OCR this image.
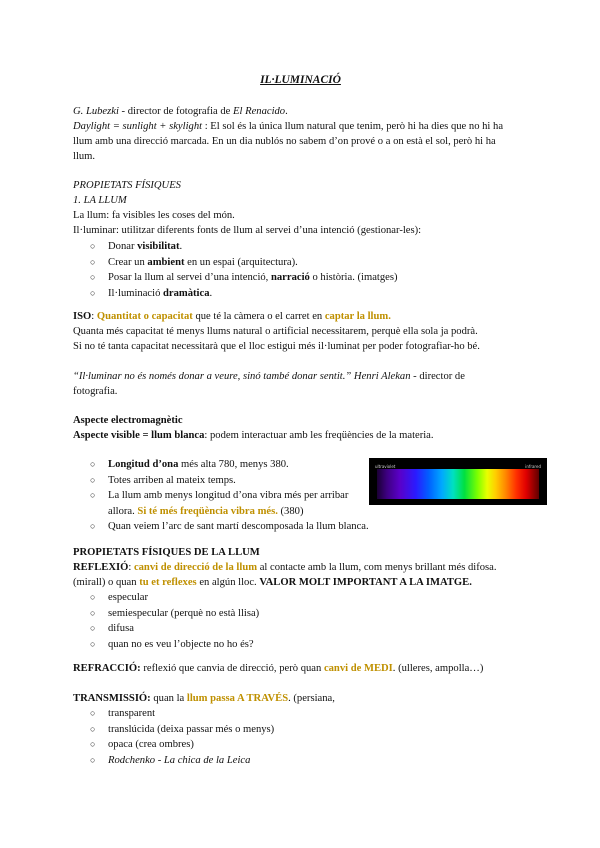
IL·LUMINACIÓ
G. Lubezki - director de fotografia de El Renacido.
Daylight = sunlight + skylight : El sol és la única llum natural que tenim, però hi ha dies que no hi ha
llum amb una direcció marcada. En un dia nublós no sabem d’on prové o a on està el sol, però hi ha
llum.
PROPIETATS FÍSIQUES
1. LA LLUM
La llum: fa visibles les coses del món.
Il·luminar: utilitzar diferents fonts de llum al servei d’una intenció (gestionar-les):
○ Donar visibilitat.
○ Crear un ambient en un espai (arquitectura).
○ Posar la llum al servei d’una intenció, narració o història. (imatges)
○ Il·luminació dramàtica.
ISO: Quantitat o capacitat que té la càmera o el carret en captar la llum.
Quanta més capacitat té menys llums natural o artificial necessitarem, perquè ella sola ja podrà.
Si no té tanta capacitat necessitarà que el lloc estigui més il·luminat per poder fotografiar-ho bé.
“Il·luminar no és només donar a veure, sinó també donar sentit.” Henri Alekan - director de
fotografia.
Aspecte electromagnètic
Aspecte visible = llum blanca: podem interactuar amb les freqüències de la materia.
○ Longitud d’ona més alta 780, menys 380.
○ Totes arriben al mateix temps.
○ La llum amb menys longitud d’ona vibra més per arribar
allora. Si té més freqüència vibra més. (380)
○ Quan veiem l’arc de sant martí descomposada la llum blanca.
ultraviolet	infrared
PROPIETATS FÍSIQUES DE LA LLUM
REFLEXIÓ: canvi de direcció de la llum al contacte amb la llum, com menys brillant més difosa.
(mirall) o quan tu et reflexes en algún lloc. VALOR MOLT IMPORTANT A LA IMATGE.
○ especular
○ semiespecular (perquè no està llisa)
○ difusa
○ quan no es veu l’objecte no ho és?
REFRACCIÓ: reflexió que canvia de direcció, però quan canvi de MEDI. (ulleres, ampolla…)
TRANSMISSIÓ: quan la llum passa A TRAVÉS. (persiana,
○ transparent
○ translúcida (deixa passar més o menys)
○ opaca (crea ombres)
○ Rodchenko - La chica de la Leica
